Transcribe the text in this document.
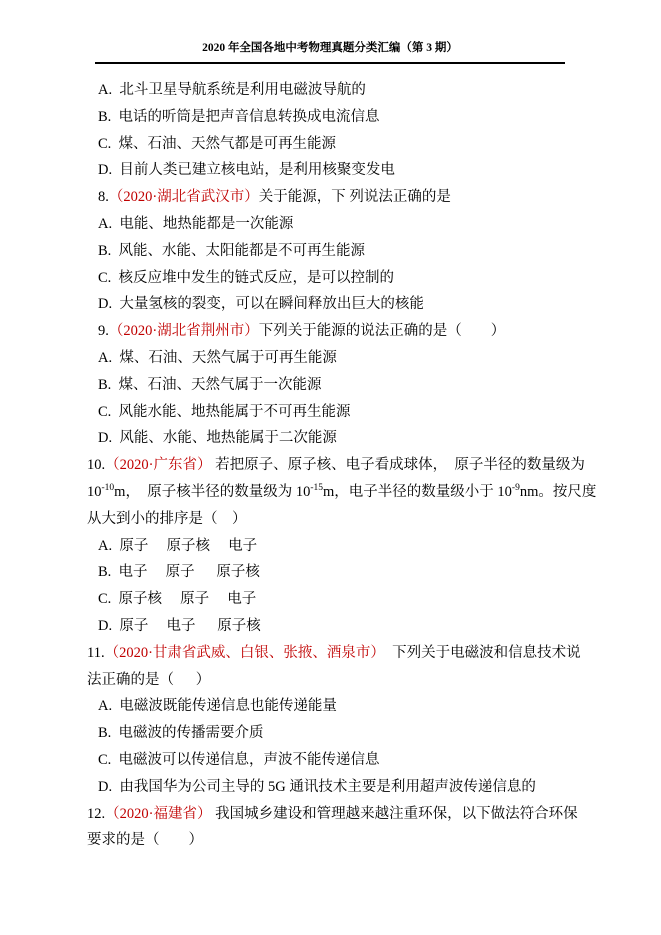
2020 年全国各地中考物理真题分类汇编（第 3 期）
A.  北斗卫星导航系统是利用电磁波导航的
B.  电话的听筒是把声音信息转换成电流信息
C.  煤、石油、天然气都是可再生能源
D.  目前人类已建立核电站，是利用核聚变发电
8.（2020·湖北省武汉市）关于能源，下 列说法正确的是
A.  电能、地热能都是一次能源
B.  风能、水能、太阳能都是不可再生能源
C.  核反应堆中发生的链式反应，是可以控制的
D.  大量氢核的裂变，可以在瞬间释放出巨大的核能
9.（2020·湖北省荆州市）下列关于能源的说法正确的是（        ）
A.  煤、石油、天然气属于可再生能源
B.  煤、石油、天然气属于一次能源
C.  风能水能、地热能属于不可再生能源
D.  风能、水能、地热能属于二次能源
10.（2020·广东省） 若把原子、原子核、电子看成球体，  原子半径的数量级为
$10^{-10}m$，  原子核半径的数量级为 $10^{-15}m$，电子半径的数量级小于 $10^{-9}nm$。按尺度
从大到小的排序是（    ）
A.  原子     原子核     电子
B.  电子     原子      原子核
C.  原子核     原子     电子
D.  原子     电子      原子核
11.（2020·甘肃省武威、白银、张掖、酒泉市）  下列关于电磁波和信息技术说
法正确的是（      ）
A.  电磁波既能传递信息也能传递能量
B.  电磁波的传播需要介质
C.  电磁波可以传递信息，声波不能传递信息
D.  由我国华为公司主导的 5G 通讯技术主要是利用超声波传递信息的
12.（2020·福建省） 我国城乡建设和管理越来越注重环保，以下做法符合环保
要求的是（        ）
